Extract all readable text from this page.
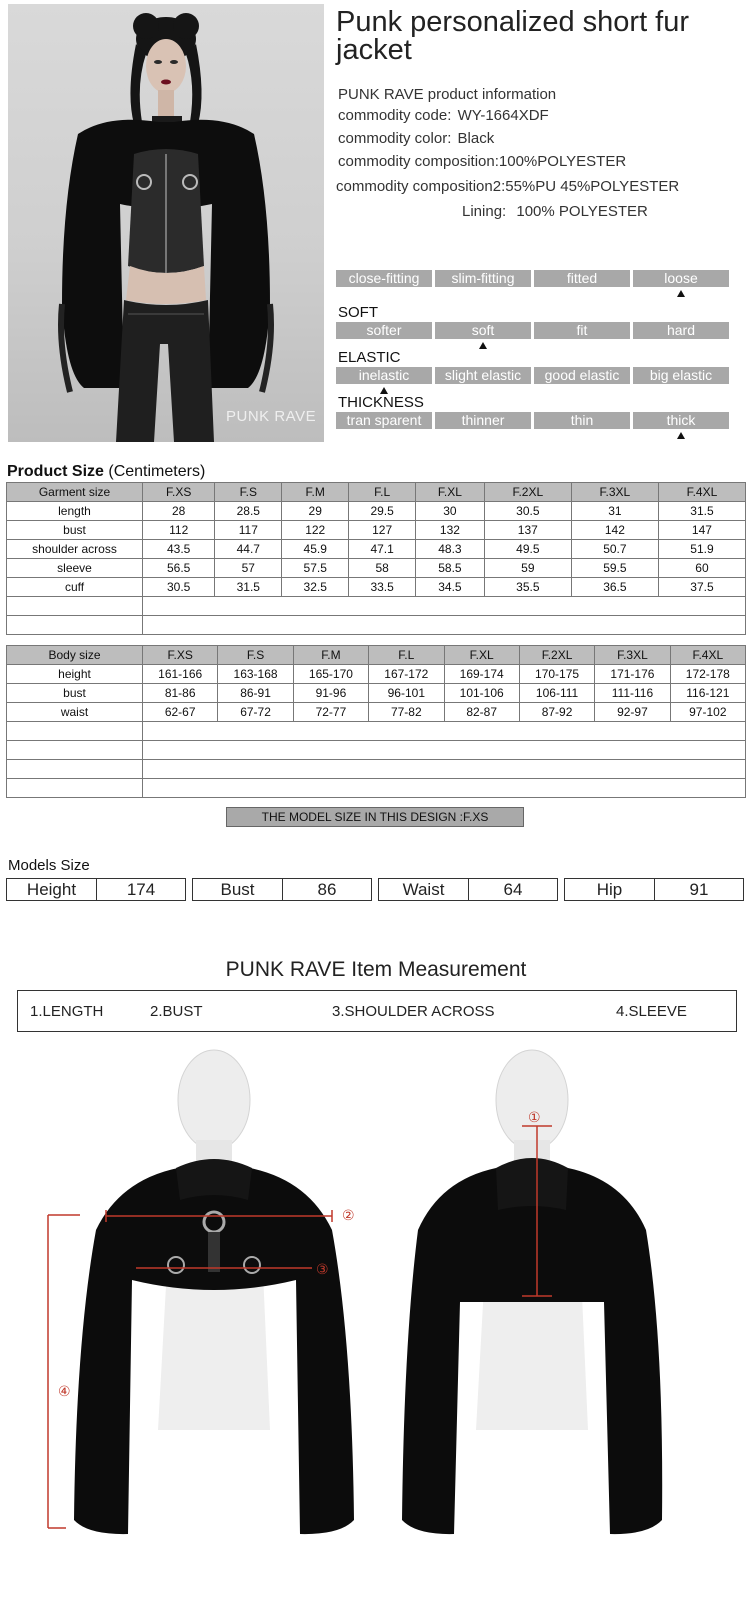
PUNK RAVE
Punk personalized short fur jacket
PUNK RAVE product information
commodity code: WY-1664XDF
commodity color: Black
commodity composition:100%POLYESTER
commodity composition2:55%PU 45%POLYESTER
Lining: 100% POLYESTER
close-fitting	slim-fitting	fitted	loose
SOFT
softer	soft	fit	hard
ELASTIC
inelastic	slight elastic	good elastic	big elastic
THICKNESS
tran sparent	thinner	thin	thick
Product Size (Centimeters)
Garment size	F.XS	F.S	F.M	F.L	F.XL	F.2XL	F.3XL	F.4XL
length	28	28.5	29	29.5	30	30.5	31	31.5
bust	112	117	122	127	132	137	142	147
shoulder across	43.5	44.7	45.9	47.1	48.3	49.5	50.7	51.9
sleeve	56.5	57	57.5	58	58.5	59	59.5	60
cuff	30.5	31.5	32.5	33.5	34.5	35.5	36.5	37.5

Body size	F.XS	F.S	F.M	F.L	F.XL	F.2XL	F.3XL	F.4XL
height	161-166	163-168	165-170	167-172	169-174	170-175	171-176	172-178
bust	81-86	86-91	91-96	96-101	101-106	106-111	111-116	116-121
waist	62-67	67-72	72-77	77-82	82-87	87-92	92-97	97-102

THE MODEL SIZE IN THIS DESIGN :F.XS
Models Size
Height	174	Bust	86	Waist	64	Hip	91
PUNK RAVE Item Measurement
1.LENGTH	2.BUST	3.SHOULDER ACROSS	4.SLEEVE
②
③
④
①
